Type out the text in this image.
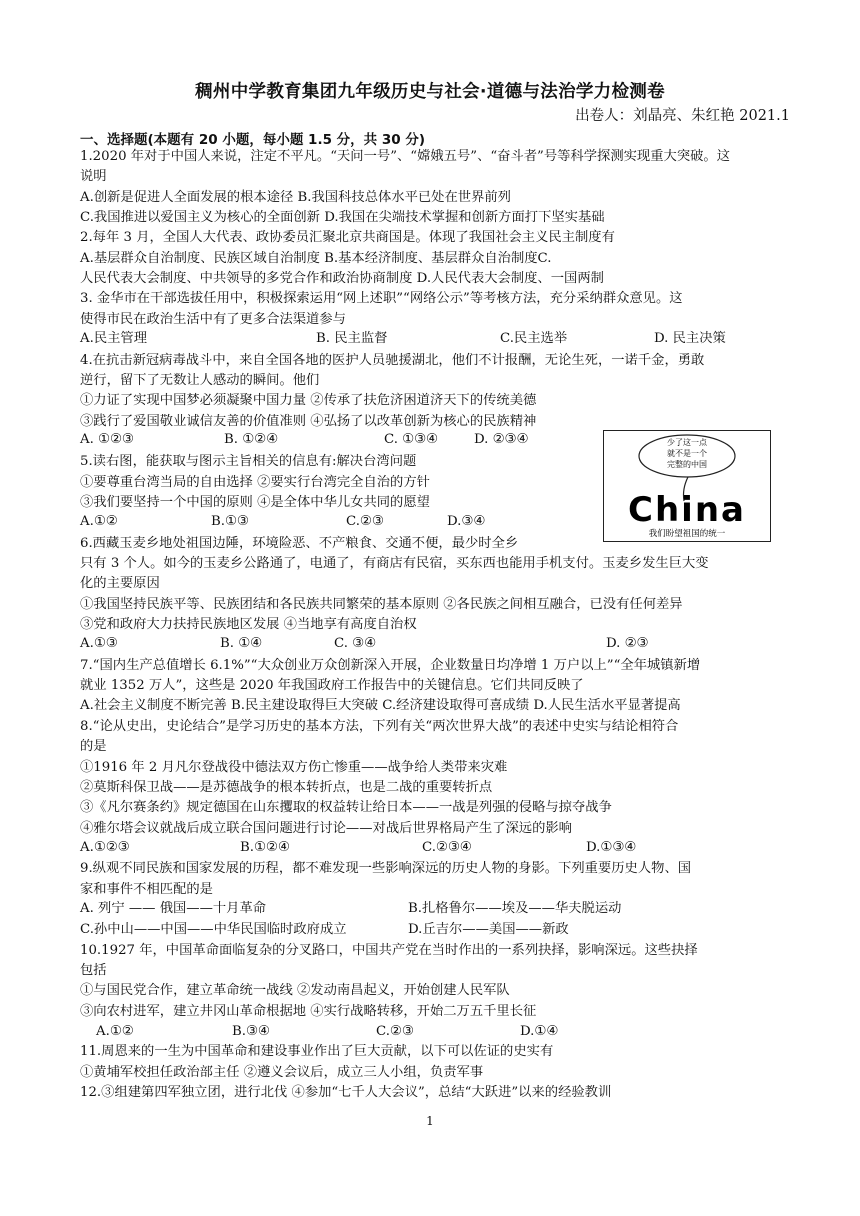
稠州中学教育集团九年级历史与社会·道德与法治学力检测卷
出卷人：刘晶亮、朱红艳 2021.1
一、选择题(本题有 20 小题，每小题 1.5 分，共 30 分)
1.2020 年对于中国人来说，注定不平凡。“天问一号”、“嫦娥五号”、“奋斗者”号等科学探测实现重大突破。这
说明
A.创新是促进人全面发展的根本途径 B.我国科技总体水平已处在世界前列
C.我国推进以爱国主义为核心的全面创新 D.我国在尖端技术掌握和创新方面打下坚实基础
2.每年 3 月，全国人大代表、政协委员汇聚北京共商国是。体现了我国社会主义民主制度有
A.基层群众自治制度、民族区域自治制度 B.基本经济制度、基层群众自治制度C.
人民代表大会制度、中共领导的多党合作和政治协商制度 D.人民代表大会制度、一国两制
3. 金华市在干部选拔任用中，积极探索运用“网上述职”“网络公示”等考核方法，充分采纳群众意见。这
使得市民在政治生活中有了更多合法渠道参与
4.在抗击新冠病毒战斗中，来自全国各地的医护人员驰援湖北，他们不计报酬，无论生死，一诺千金，勇敢
逆行，留下了无数让人感动的瞬间。他们
①力证了实现中国梦必须凝聚中国力量 ②传承了扶危济困道济天下的传统美德
③践行了爱国敬业诚信友善的价值准则 ④弘扬了以改革创新为核心的民族精神
5.读右图，能获取与图示主旨相关的信息有:解决台湾问题
①要尊重台湾当局的自由选择 ②要实行台湾完全自治的方针
③我们要坚持一个中国的原则 ④是全体中华儿女共同的愿望
6.西藏玉麦乡地处祖国边陲，环境险恶、不产粮食、交通不便，最少时全乡
只有 3 个人。如今的玉麦乡公路通了，电通了，有商店有民宿，买东西也能用手机支付。玉麦乡发生巨大变
化的主要原因
①我国坚持民族平等、民族团结和各民族共同繁荣的基本原则 ②各民族之间相互融合，已没有任何差异
③党和政府大力扶持民族地区发展 ④当地享有高度自治权
7.“国内生产总值增长 6.1%”“大众创业万众创新深入开展，企业数量日均净增 1 万户以上”“全年城镇新增
就业 1352 万人”，这些是 2020 年我国政府工作报告中的关键信息。它们共同反映了
A.社会主义制度不断完善 B.民主建设取得巨大突破 C.经济建设取得可喜成绩 D.人民生活水平显著提高
8.“论从史出，史论结合”是学习历史的基本方法，下列有关“两次世界大战”的表述中史实与结论相符合
的是
①1916 年 2 月凡尔登战役中德法双方伤亡惨重——战争给人类带来灾难
②莫斯科保卫战——是苏德战争的根本转折点，也是二战的重要转折点
③《凡尔赛条约》规定德国在山东攫取的权益转让给日本——一战是列强的侵略与掠夺战争
④雅尔塔会议就战后成立联合国问题进行讨论——对战后世界格局产生了深远的影响
9.纵观不同民族和国家发展的历程，都不难发现一些影响深远的历史人物的身影。下列重要历史人物、国
家和事件不相匹配的是
10.1927 年，中国革命面临复杂的分叉路口，中国共产党在当时作出的一系列抉择，影响深远。这些抉择
包括
①与国民党合作，建立革命统一战线 ②发动南昌起义，开始创建人民军队
③向农村进军，建立井冈山革命根据地 ④实行战略转移，开始二万五千里长征
11.周恩来的一生为中国革命和建设事业作出了巨大贡献，以下可以佐证的史实有
①黄埔军校担任政治部主任 ②遵义会议后，成立三人小组，负责军事
12.③组建第四军独立团，进行北伐 ④参加“七千人大会议”，总结“大跃进”以来的经验教训
A.民主管理	B. 民主监督	C.民主选举	D. 民主决策
A. ①②③	B. ①②④	C. ①③④	D. ②③④
A.①②	B.①③	C.②③	D.③④
A.①③	B. ①④	C. ③④	D. ②③
A.①②③	B.①②④	C.②③④	D.①③④
A. 列宁 —— 俄国——十月革命	B.扎格鲁尔——埃及——华夫脱运动
C.孙中山——中国——中华民国临时政府成立	D.丘吉尔——美国——新政
A.①②	B.③④	C.②③	D.①④
少了这一点
就不是一个
完整的中国
China
我们盼望祖国的统一
1
